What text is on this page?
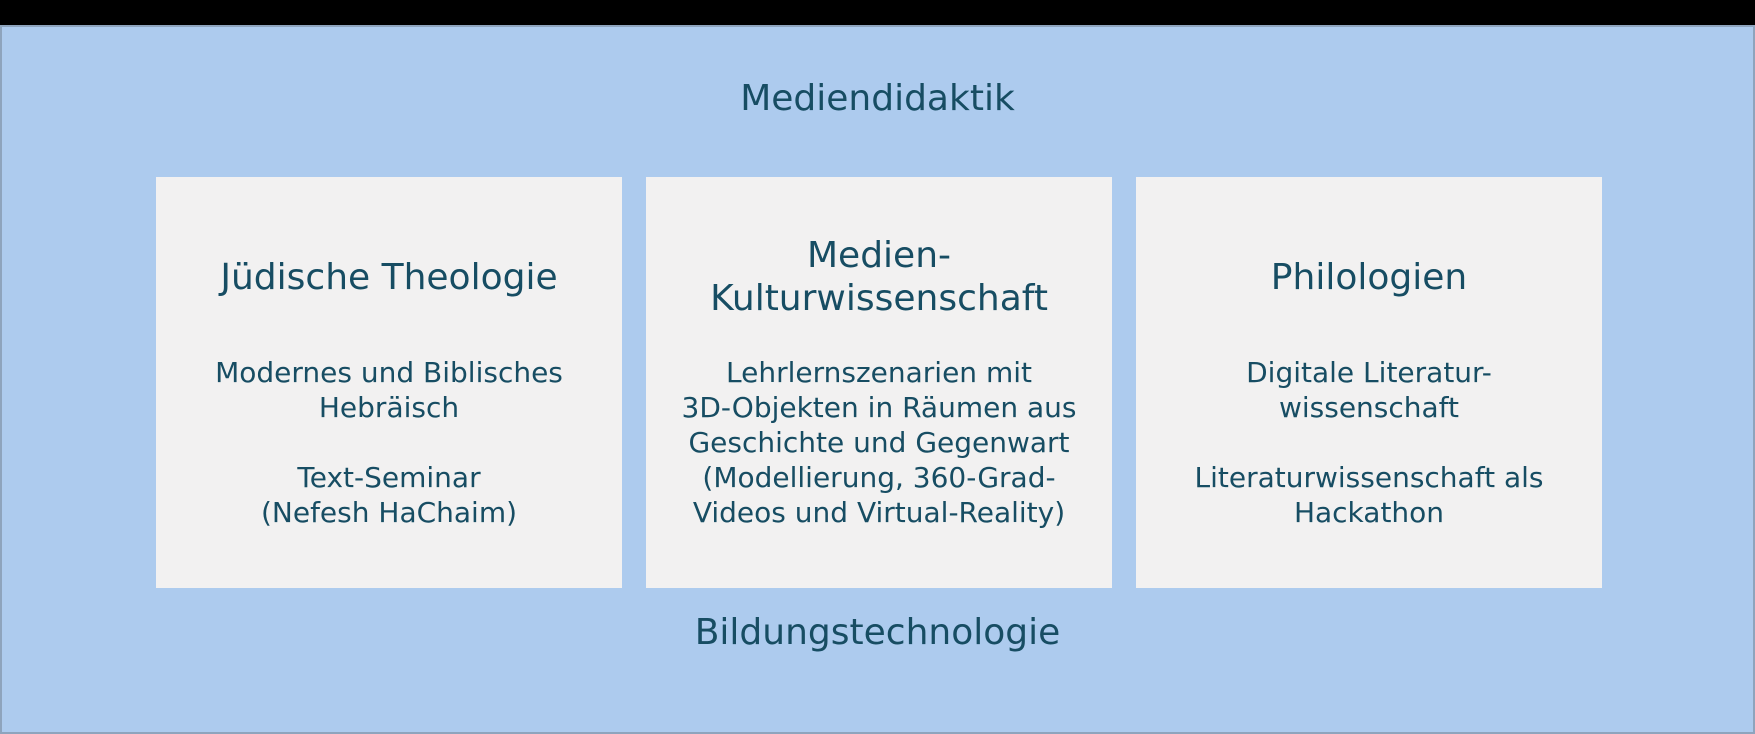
Mediendidaktik
Jüdische Theologie

Modernes und Biblisches
Hebräisch

Text-Seminar
(Nefesh HaChaim)

Medien-
Kulturwissenschaft

Lehrlernszenarien mit
3D-Objekten in Räumen aus
Geschichte und Gegenwart
(Modellierung, 360-Grad-
Videos und Virtual-Reality)

Philologien

Digitale Literatur-
wissenschaft

Literaturwissenschaft als
Hackathon

Bildungstechnologie
